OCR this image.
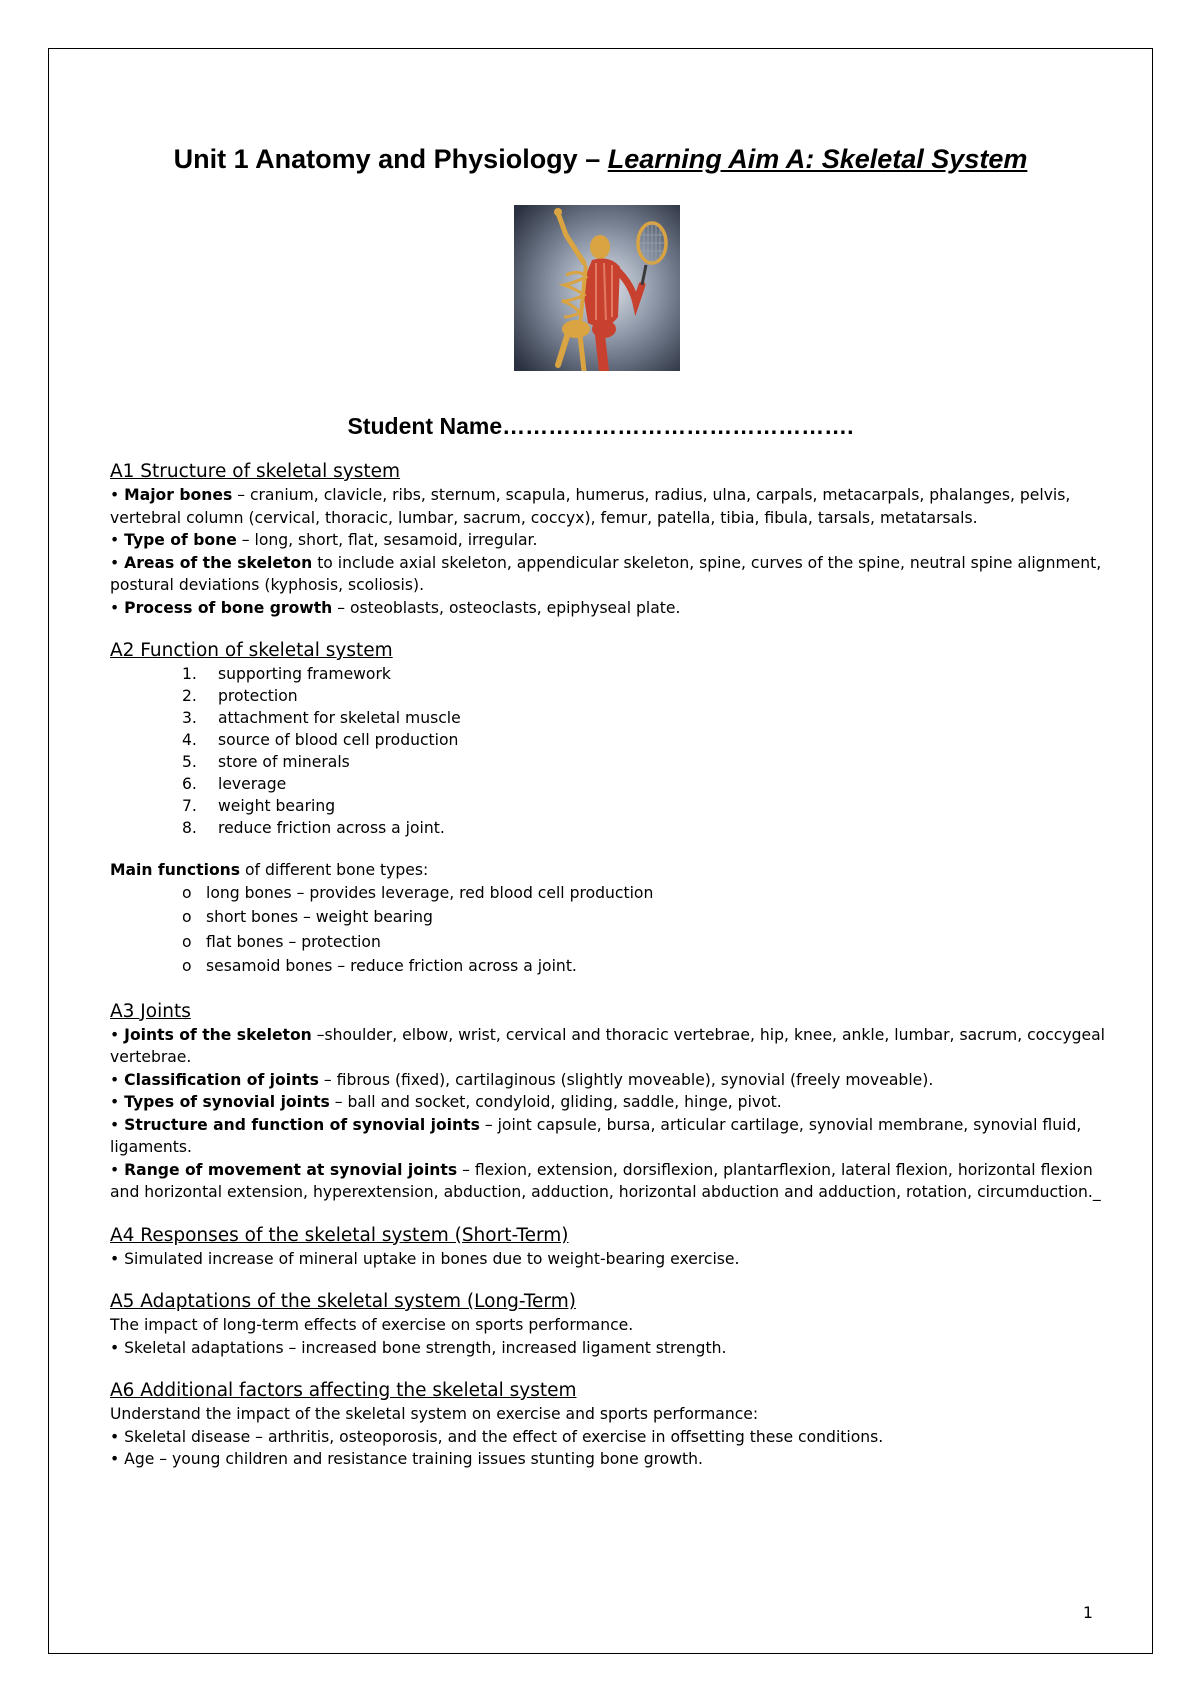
Unit 1 Anatomy and Physiology – Learning Aim A: Skeletal System
Student Name……………………………………….

A1 Structure of skeletal system

• Major bones – cranium, clavicle, ribs, sternum, scapula, humerus, radius, ulna, carpals, metacarpals, phalanges, pelvis, vertebral column (cervical, thoracic, lumbar, sacrum, coccyx), femur, patella, tibia, fibula, tarsals, metatarsals.

• Type of bone – long, short, flat, sesamoid, irregular.

• Areas of the skeleton to include axial skeleton, appendicular skeleton, spine, curves of the spine, neutral spine alignment, postural deviations (kyphosis, scoliosis).

• Process of bone growth – osteoblasts, osteoclasts, epiphyseal plate.

A2 Function of skeletal system

1.	supporting framework
2.	protection
3.	attachment for skeletal muscle
4.	source of blood cell production
5.	store of minerals
6.	leverage
7.	weight bearing
8.	reduce friction across a joint.

Main functions of different bone types:

o long bones – provides leverage, red blood cell production
o short bones – weight bearing
o flat bones – protection
o sesamoid bones – reduce friction across a joint.

A3 Joints

• Joints of the skeleton –shoulder, elbow, wrist, cervical and thoracic vertebrae, hip, knee, ankle, lumbar, sacrum, coccygeal vertebrae.

• Classification of joints – fibrous (fixed), cartilaginous (slightly moveable), synovial (freely moveable).

• Types of synovial joints – ball and socket, condyloid, gliding, saddle, hinge, pivot.

• Structure and function of synovial joints – joint capsule, bursa, articular cartilage, synovial membrane, synovial fluid, ligaments.

• Range of movement at synovial joints – flexion, extension, dorsiflexion, plantarflexion, lateral flexion, horizontal flexion and horizontal extension, hyperextension, abduction, adduction, horizontal abduction and adduction, rotation, circumduction._

A4 Responses of the skeletal system (Short-Term)

• Simulated increase of mineral uptake in bones due to weight-bearing exercise.

A5 Adaptations of the skeletal system (Long-Term)

The impact of long-term effects of exercise on sports performance.

• Skeletal adaptations – increased bone strength, increased ligament strength.

A6 Additional factors affecting the skeletal system

Understand the impact of the skeletal system on exercise and sports performance:

• Skeletal disease – arthritis, osteoporosis, and the effect of exercise in offsetting these conditions.

• Age – young children and resistance training issues stunting bone growth.

1
